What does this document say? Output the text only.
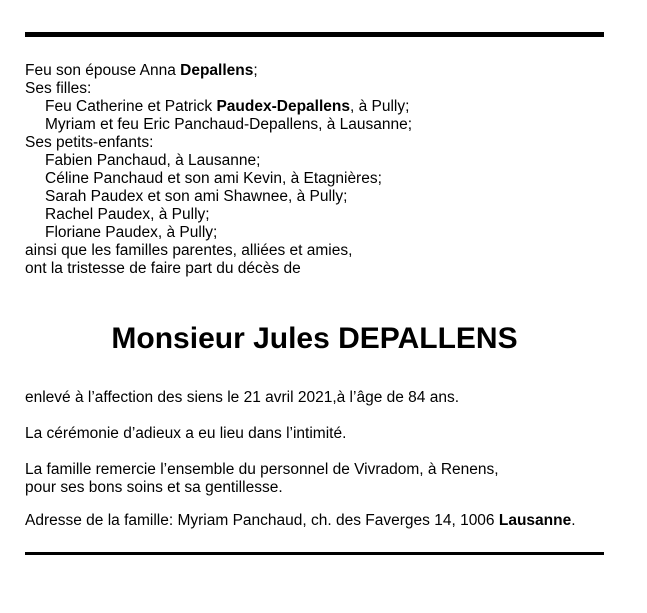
Feu son épouse Anna Depallens;
Ses filles:
Feu Catherine et Patrick Paudex-Depallens, à Pully;
Myriam et feu Eric Panchaud-Depallens, à Lausanne;
Ses petits-enfants:
Fabien Panchaud, à Lausanne;
Céline Panchaud et son ami Kevin, à Etagnières;
Sarah Paudex et son ami Shawnee, à Pully;
Rachel Paudex, à Pully;
Floriane Paudex, à Pully;
ainsi que les familles parentes, alliées et amies,
ont la tristesse de faire part du décès de
Monsieur Jules DEPALLENS

enlevé à l’affection des siens le 21 avril 2021,à l’âge de 84 ans.

La cérémonie d’adieux a eu lieu dans l’intimité.

La famille remercie l’ensemble du personnel de Vivradom, à Renens,
pour ses bons soins et sa gentillesse.

Adresse de la famille: Myriam Panchaud, ch. des Faverges 14, 1006 Lausanne.
